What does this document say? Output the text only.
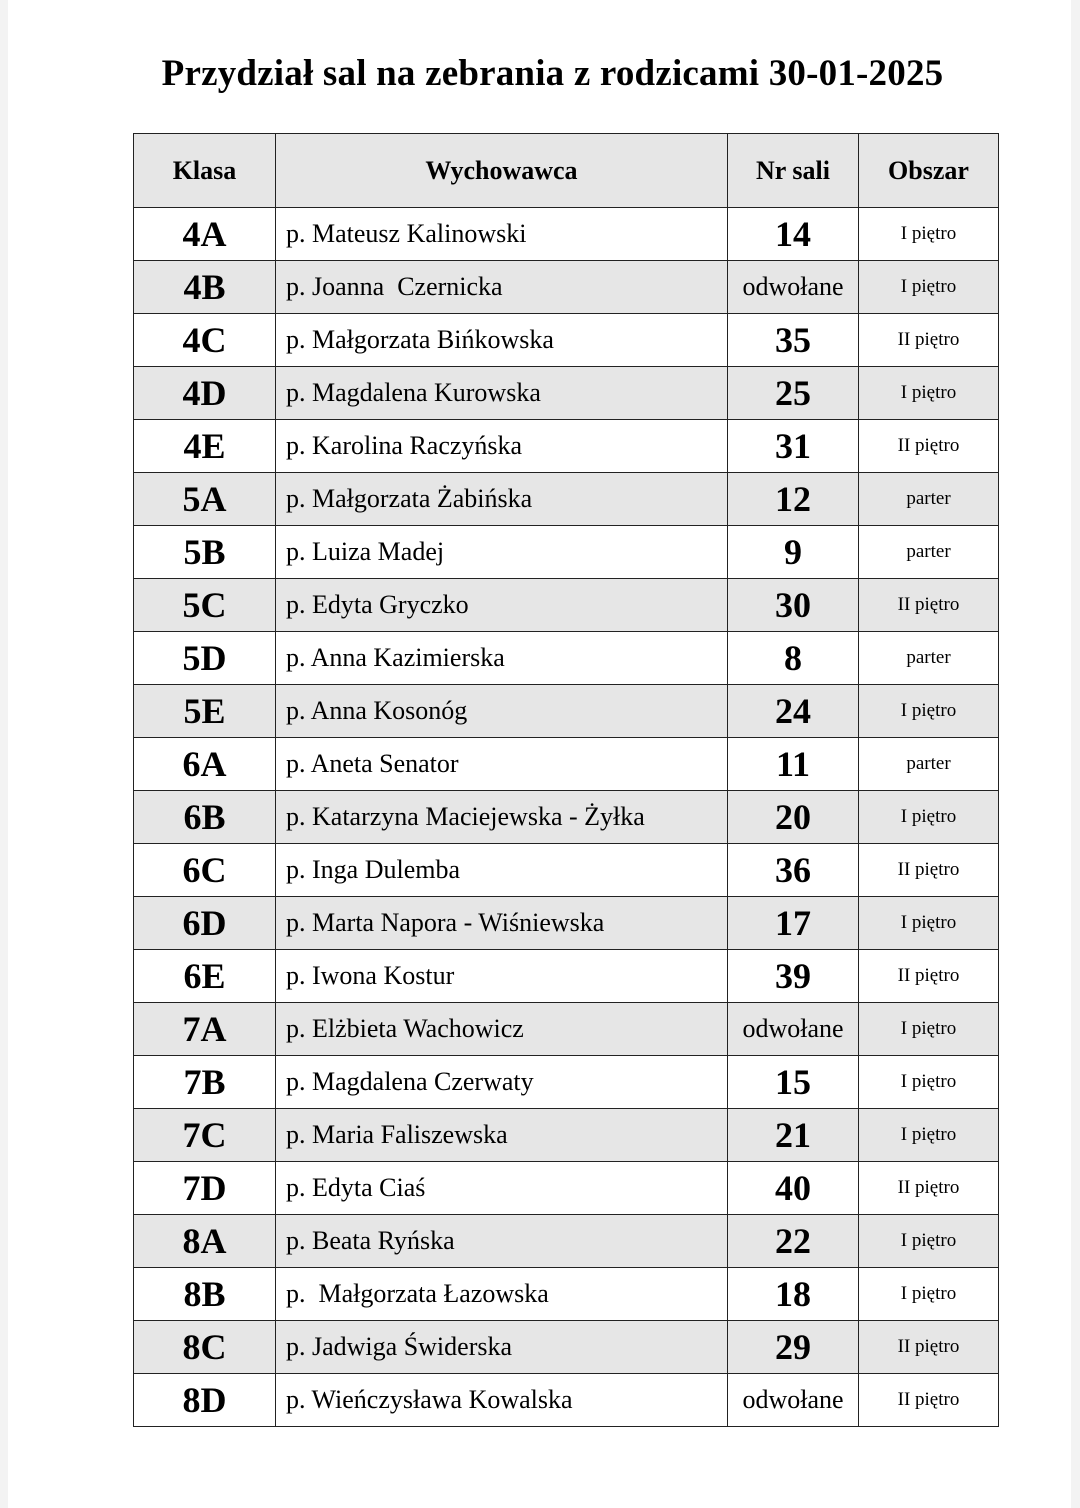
Przydział sal na zebrania z rodzicami 30-01-2025
Klasa	Wychowawca	Nr sali	Obszar
4A	p. Mateusz Kalinowski	14	I piętro
4B	p. Joanna  Czernicka	odwołane	I piętro
4C	p. Małgorzata Bińkowska	35	II piętro
4D	p. Magdalena Kurowska	25	I piętro
4E	p. Karolina Raczyńska	31	II piętro
5A	p. Małgorzata Żabińska	12	parter
5B	p. Luiza Madej	9	parter
5C	p. Edyta Gryczko	30	II piętro
5D	p. Anna Kazimierska	8	parter
5E	p. Anna Kosonóg	24	I piętro
6A	p. Aneta Senator	11	parter
6B	p. Katarzyna Maciejewska - Żyłka	20	I piętro
6C	p. Inga Dulemba	36	II piętro
6D	p. Marta Napora - Wiśniewska	17	I piętro
6E	p. Iwona Kostur	39	II piętro
7A	p. Elżbieta Wachowicz	odwołane	I piętro
7B	p. Magdalena Czerwaty	15	I piętro
7C	p. Maria Faliszewska	21	I piętro
7D	p. Edyta Ciaś	40	II piętro
8A	p. Beata Ryńska	22	I piętro
8B	p.  Małgorzata Łazowska	18	I piętro
8C	p. Jadwiga Świderska	29	II piętro
8D	p. Wieńczysława Kowalska	odwołane	II piętro
